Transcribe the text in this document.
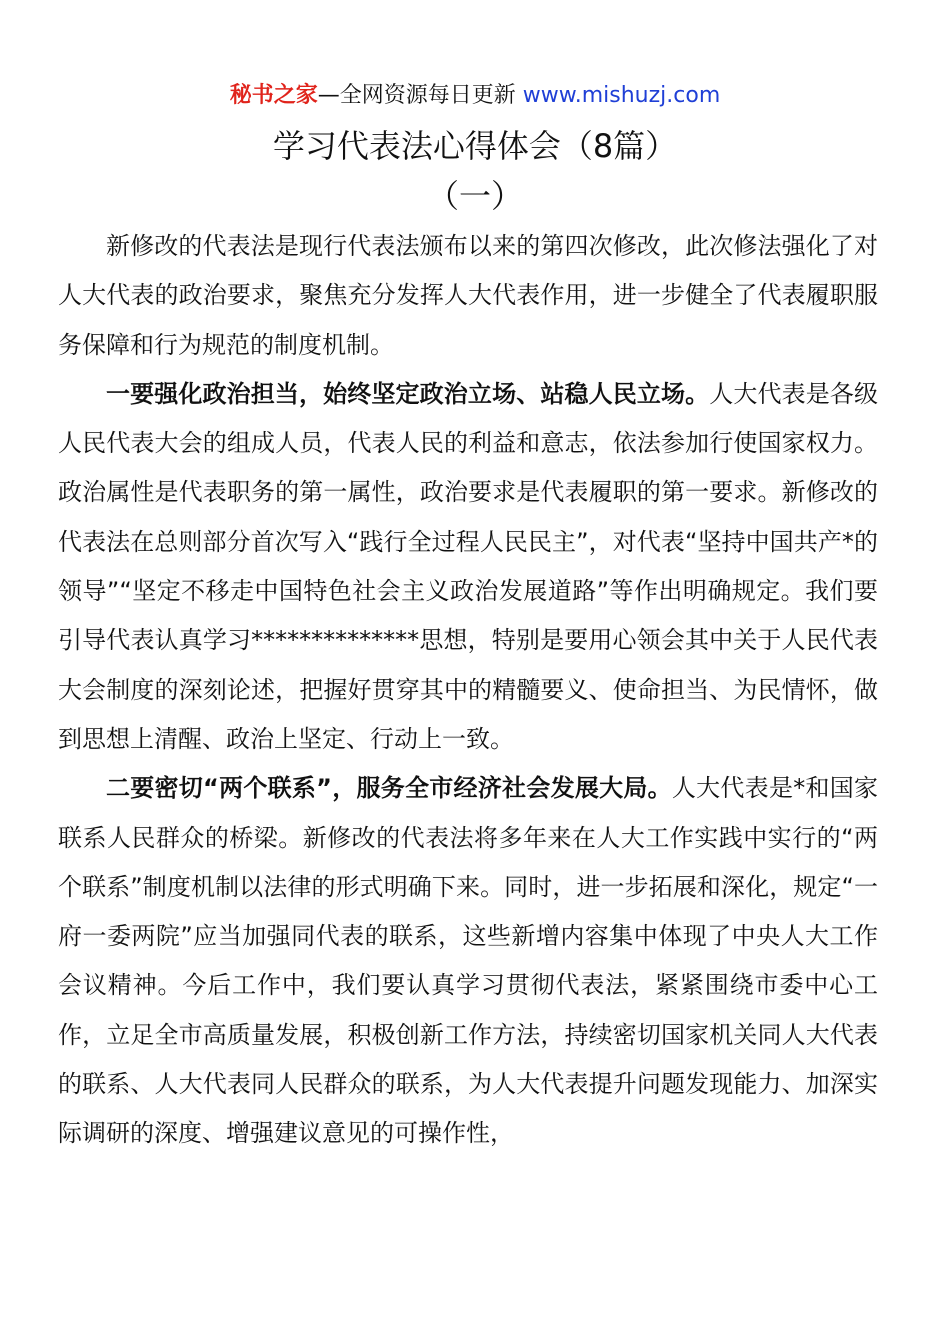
秘书之家—全网资源每日更新 www.mishuzj.com
学习代表法心得体会（8篇）
（一）

新修改的代表法是现行代表法颁布以来的第四次修改，此次修法强化了对人大代表的政治要求，聚焦充分发挥人大代表作用，进一步健全了代表履职服务保障和行为规范的制度机制。

一要强化政治担当，始终坚定政治立场、站稳人民立场。人大代表是各级人民代表大会的组成人员，代表人民的利益和意志，依法参加行使国家权力。政治属性是代表职务的第一属性，政治要求是代表履职的第一要求。新修改的代表法在总则部分首次写入“践行全过程人民民主”，对代表“坚持中国共产*的领导”“坚定不移走中国特色社会主义政治发展道路”等作出明确规定。我们要引导代表认真学习**************思想，特别是要用心领会其中关于人民代表大会制度的深刻论述，把握好贯穿其中的精髓要义、使命担当、为民情怀，做到思想上清醒、政治上坚定、行动上一致。

二要密切“两个联系”，服务全市经济社会发展大局。人大代表是*和国家联系人民群众的桥梁。新修改的代表法将多年来在人大工作实践中实行的“两个联系”制度机制以法律的形式明确下来。同时，进一步拓展和深化，规定“一府一委两院”应当加强同代表的联系，这些新增内容集中体现了中央人大工作会议精神。今后工作中，我们要认真学习贯彻代表法，紧紧围绕市委中心工作，立足全市高质量发展，积极创新工作方法，持续密切国家机关同人大代表的联系、人大代表同人民群众的联系，为人大代表提升问题发现能力、加深实际调研的深度、增强建议意见的可操作性，
